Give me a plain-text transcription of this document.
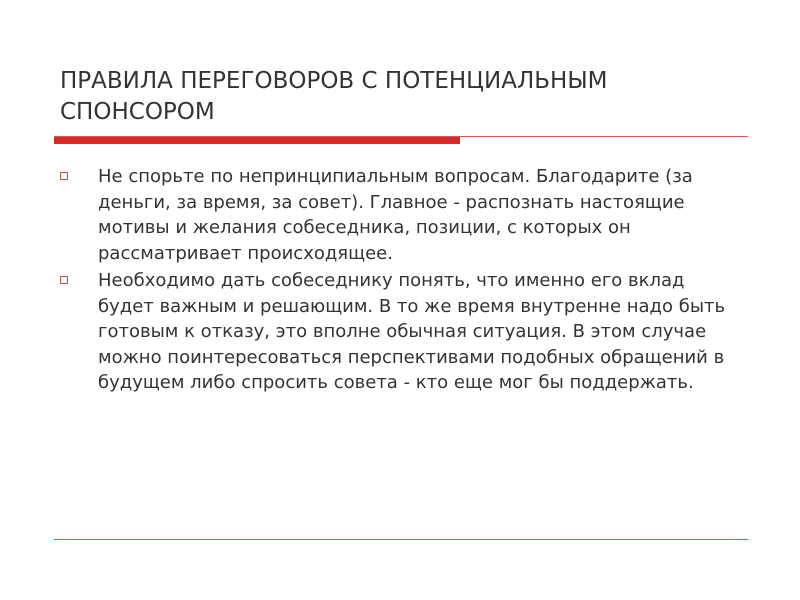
ПРАВИЛА ПЕРЕГОВОРОВ С ПОТЕНЦИАЛЬНЫМ СПОНСОРОМ
Не спорьте по непринципиальным вопросам. Благодарите (за деньги, за время, за совет). Главное - распознать настоящие мотивы и желания собеседника, позиции, с которых он рассматривает происходящее.
Необходимо дать собеседнику понять, что именно его вклад будет важным и решающим. В то же время внутренне надо быть готовым к отказу, это вполне обычная ситуация. В этом случае можно поинтересоваться перспективами подобных обращений в будущем либо спросить совета - кто еще мог бы поддержать.
